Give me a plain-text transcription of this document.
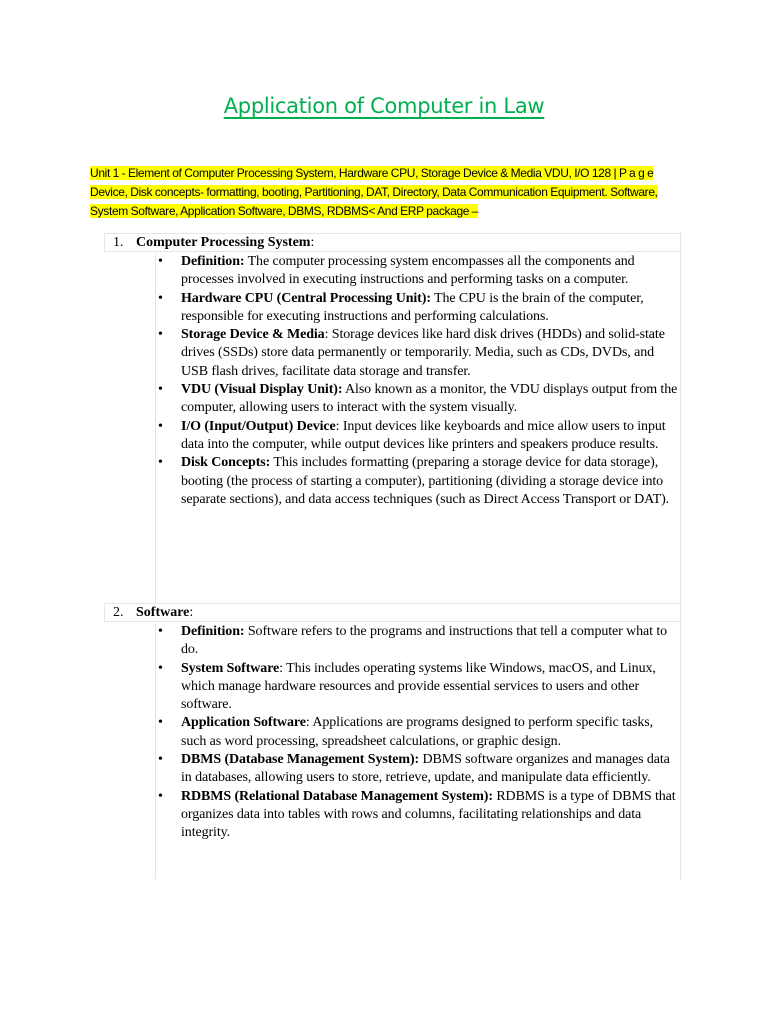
Application of Computer in Law
Unit 1 - Element of Computer Processing System, Hardware CPU, Storage Device & Media VDU, I/O 128 | P a g e Device, Disk concepts- formatting, booting, Partitioning, DAT, Directory, Data Communication Equipment. Software, System Software, Application Software, DBMS, RDBMS< And ERP package –
1. Computer Processing System:
• Definition: The computer processing system encompasses all the components and processes involved in executing instructions and performing tasks on a computer.
• Hardware CPU (Central Processing Unit): The CPU is the brain of the computer, responsible for executing instructions and performing calculations.
• Storage Device & Media: Storage devices like hard disk drives (HDDs) and solid-state drives (SSDs) store data permanently or temporarily. Media, such as CDs, DVDs, and USB flash drives, facilitate data storage and transfer.
• VDU (Visual Display Unit): Also known as a monitor, the VDU displays output from the computer, allowing users to interact with the system visually.
• I/O (Input/Output) Device: Input devices like keyboards and mice allow users to input data into the computer, while output devices like printers and speakers produce results.
• Disk Concepts: This includes formatting (preparing a storage device for data storage), booting (the process of starting a computer), partitioning (dividing a storage device into separate sections), and data access techniques (such as Direct Access Transport or DAT).
2. Software:
• Definition: Software refers to the programs and instructions that tell a computer what to do.
• System Software: This includes operating systems like Windows, macOS, and Linux, which manage hardware resources and provide essential services to users and other software.
• Application Software: Applications are programs designed to perform specific tasks, such as word processing, spreadsheet calculations, or graphic design.
• DBMS (Database Management System): DBMS software organizes and manages data in databases, allowing users to store, retrieve, update, and manipulate data efficiently.
• RDBMS (Relational Database Management System): RDBMS is a type of DBMS that organizes data into tables with rows and columns, facilitating relationships and data integrity.
